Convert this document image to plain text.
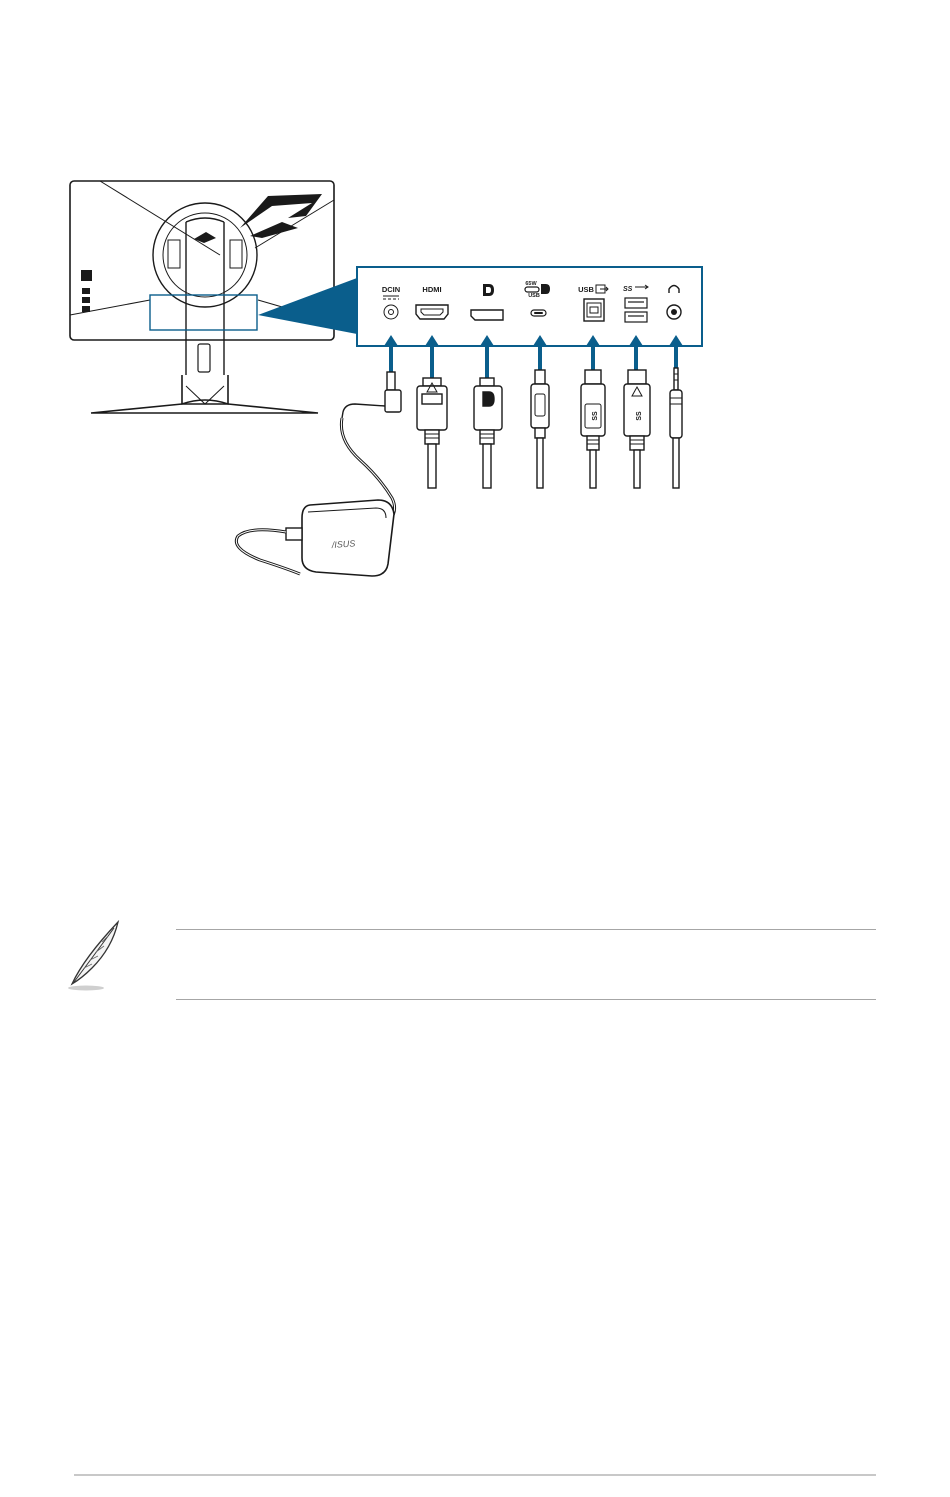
DCIN	HDMI
65W
USB
USB	SS
SS	SS
/ISUS
